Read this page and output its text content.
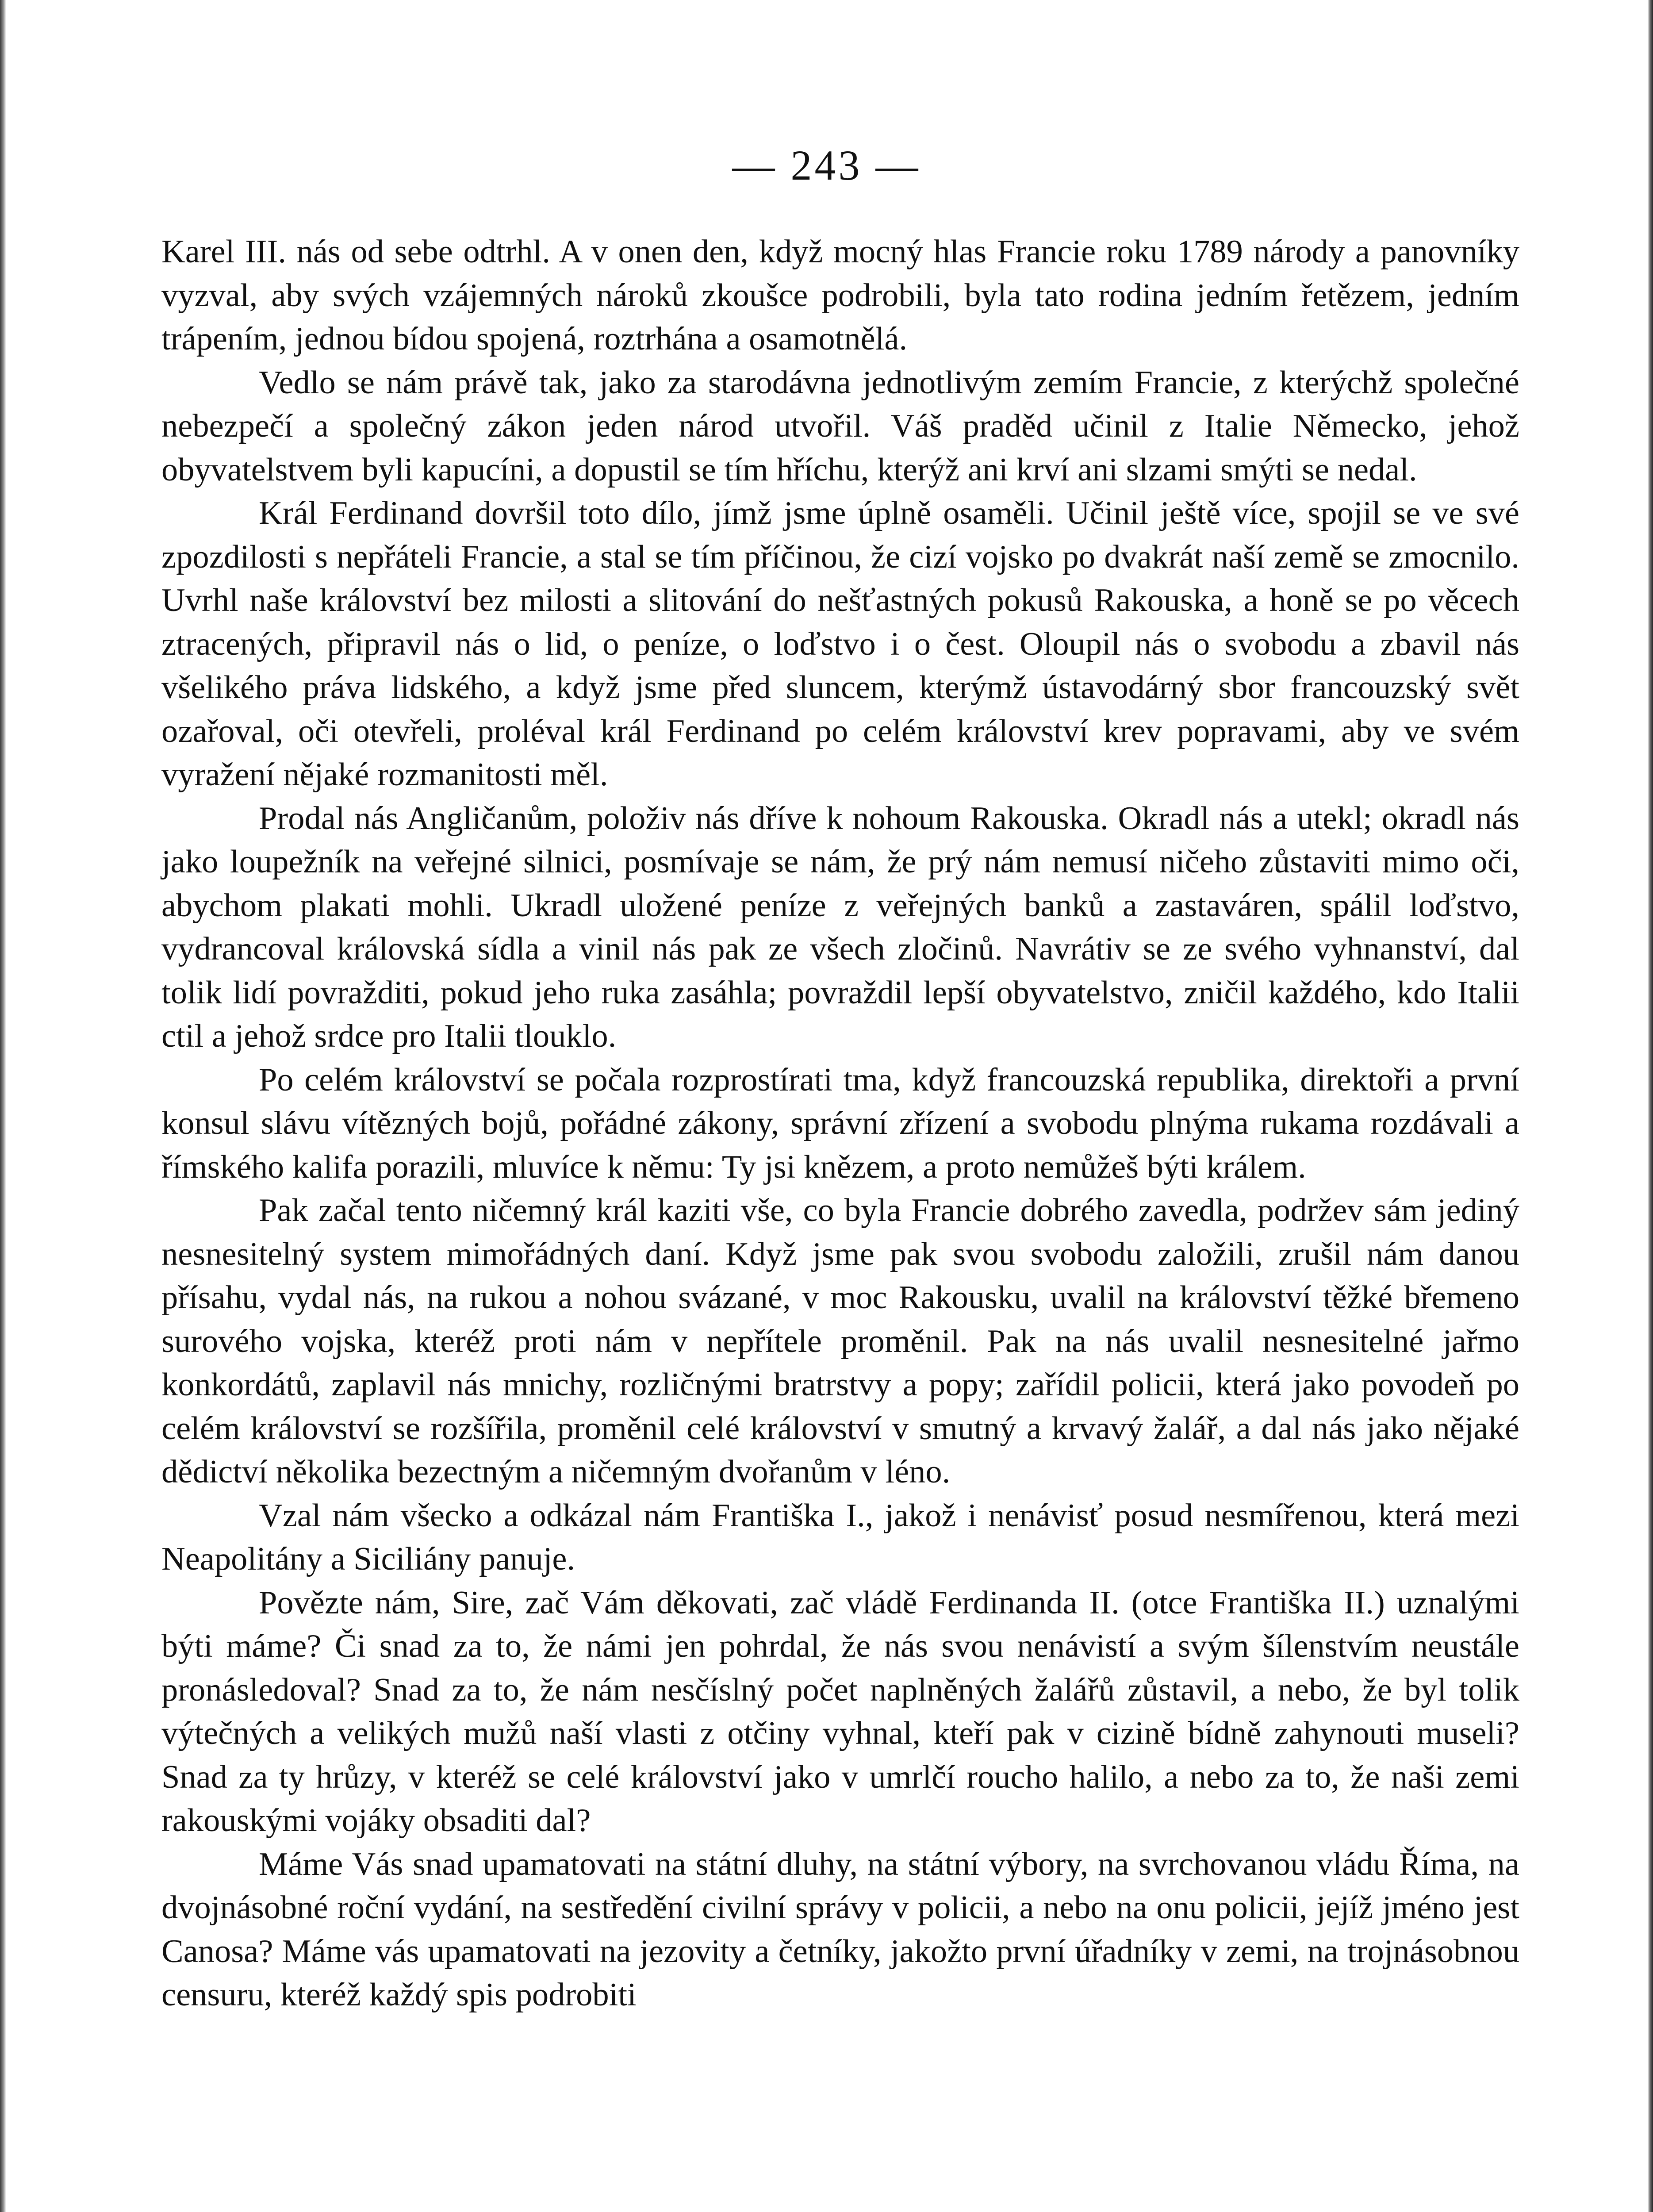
— 243 —

Karel III. nás od sebe odtrhl. A v onen den, když mocný hlas Francie roku 1789 národy a panovníky vyzval, aby svých vzájemných nároků zkoušce podrobili, byla tato rodina jedním řetězem, jedním trápením, jednou bídou spojená, roztrhána a osamotnělá.

Vedlo se nám právě tak, jako za starodávna jednotlivým zemím Francie, z kterýchž společné nebezpečí a společný zákon jeden národ utvořil. Váš praděd učinil z Italie Německo, jehož obyvatelstvem byli kapucíni, a dopustil se tím hříchu, kterýž ani krví ani slzami smýti se nedal.

Král Ferdinand dovršil toto dílo, jímž jsme úplně osaměli. Učinil ještě více, spojil se ve své zpozdilosti s nepřáteli Francie, a stal se tím příčinou, že cizí vojsko po dvakrát naší země se zmocnilo. Uvrhl naše království bez milosti a slitování do nešťastných pokusů Rakouska, a honě se po věcech ztracených, připravil nás o lid, o peníze, o loďstvo i o čest. Oloupil nás o svobodu a zbavil nás všelikého práva lidského, a když jsme před sluncem, kterýmž ústavodárný sbor francouzský svět ozařoval, oči otevřeli, proléval král Ferdinand po celém království krev popravami, aby ve svém vyražení nějaké rozmanitosti měl.

Prodal nás Angličanům, položiv nás dříve k nohoum Rakouska. Okradl nás a utekl; okradl nás jako loupežník na veřejné silnici, posmívaje se nám, že prý nám nemusí ničeho zůstaviti mimo oči, abychom plakati mohli. Ukradl uložené peníze z veřejných banků a zastaváren, spálil loďstvo, vydrancoval královská sídla a vinil nás pak ze všech zločinů. Navrátiv se ze svého vyhnanství, dal tolik lidí povražditi, pokud jeho ruka zasáhla; povraždil lepší obyvatelstvo, zničil každého, kdo Italii ctil a jehož srdce pro Italii tlouklo.

Po celém království se počala rozprostírati tma, když francouzská republika, direktoři a první konsul slávu vítězných bojů, pořádné zákony, správní zřízení a svobodu plnýma rukama rozdávali a římského kalifa porazili, mluvíce k němu: Ty jsi knězem, a proto nemůžeš býti králem.

Pak začal tento ničemný král kaziti vše, co byla Francie dobrého zavedla, podržev sám jediný nesnesitelný system mimořádných daní. Když jsme pak svou svobodu založili, zrušil nám danou přísahu, vydal nás, na rukou a nohou svázané, v moc Rakousku, uvalil na království těžké břemeno surového vojska, kteréž proti nám v nepřítele proměnil. Pak na nás uvalil nesnesitelné jařmo konkordátů, zaplavil nás mnichy, rozličnými bratrstvy a popy; zařídil policii, která jako povodeň po celém království se rozšířila, proměnil celé království v smutný a krvavý žalář, a dal nás jako nějaké dědictví několika bezectným a ničemným dvořanům v léno.

Vzal nám všecko a odkázal nám Františka I., jakož i nenávisť posud nesmířenou, která mezi Neapolitány a Siciliány panuje.

Povězte nám, Sire, zač Vám děkovati, zač vládě Ferdinanda II. (otce Františka II.) uznalými býti máme? Či snad za to, že námi jen pohrdal, že nás svou nenávistí a svým šílenstvím neustále pronásledoval? Snad za to, že nám nesčíslný počet naplněných žalářů zůstavil, a nebo, že byl tolik výtečných a velikých mužů naší vlasti z otčiny vyhnal, kteří pak v cizině bídně zahynouti museli? Snad za ty hrůzy, v kteréž se celé království jako v umrlčí roucho halilo, a nebo za to, že naši zemi rakouskými vojáky obsaditi dal?

Máme Vás snad upamatovati na státní dluhy, na státní výbory, na svrchovanou vládu Říma, na dvojnásobné roční vydání, na sestředění civilní správy v policii, a nebo na onu policii, jejíž jméno jest Canosa? Máme vás upamatovati na jezovity a četníky, jakožto první úřadníky v zemi, na trojnásobnou censuru, kteréž každý spis podrobiti
